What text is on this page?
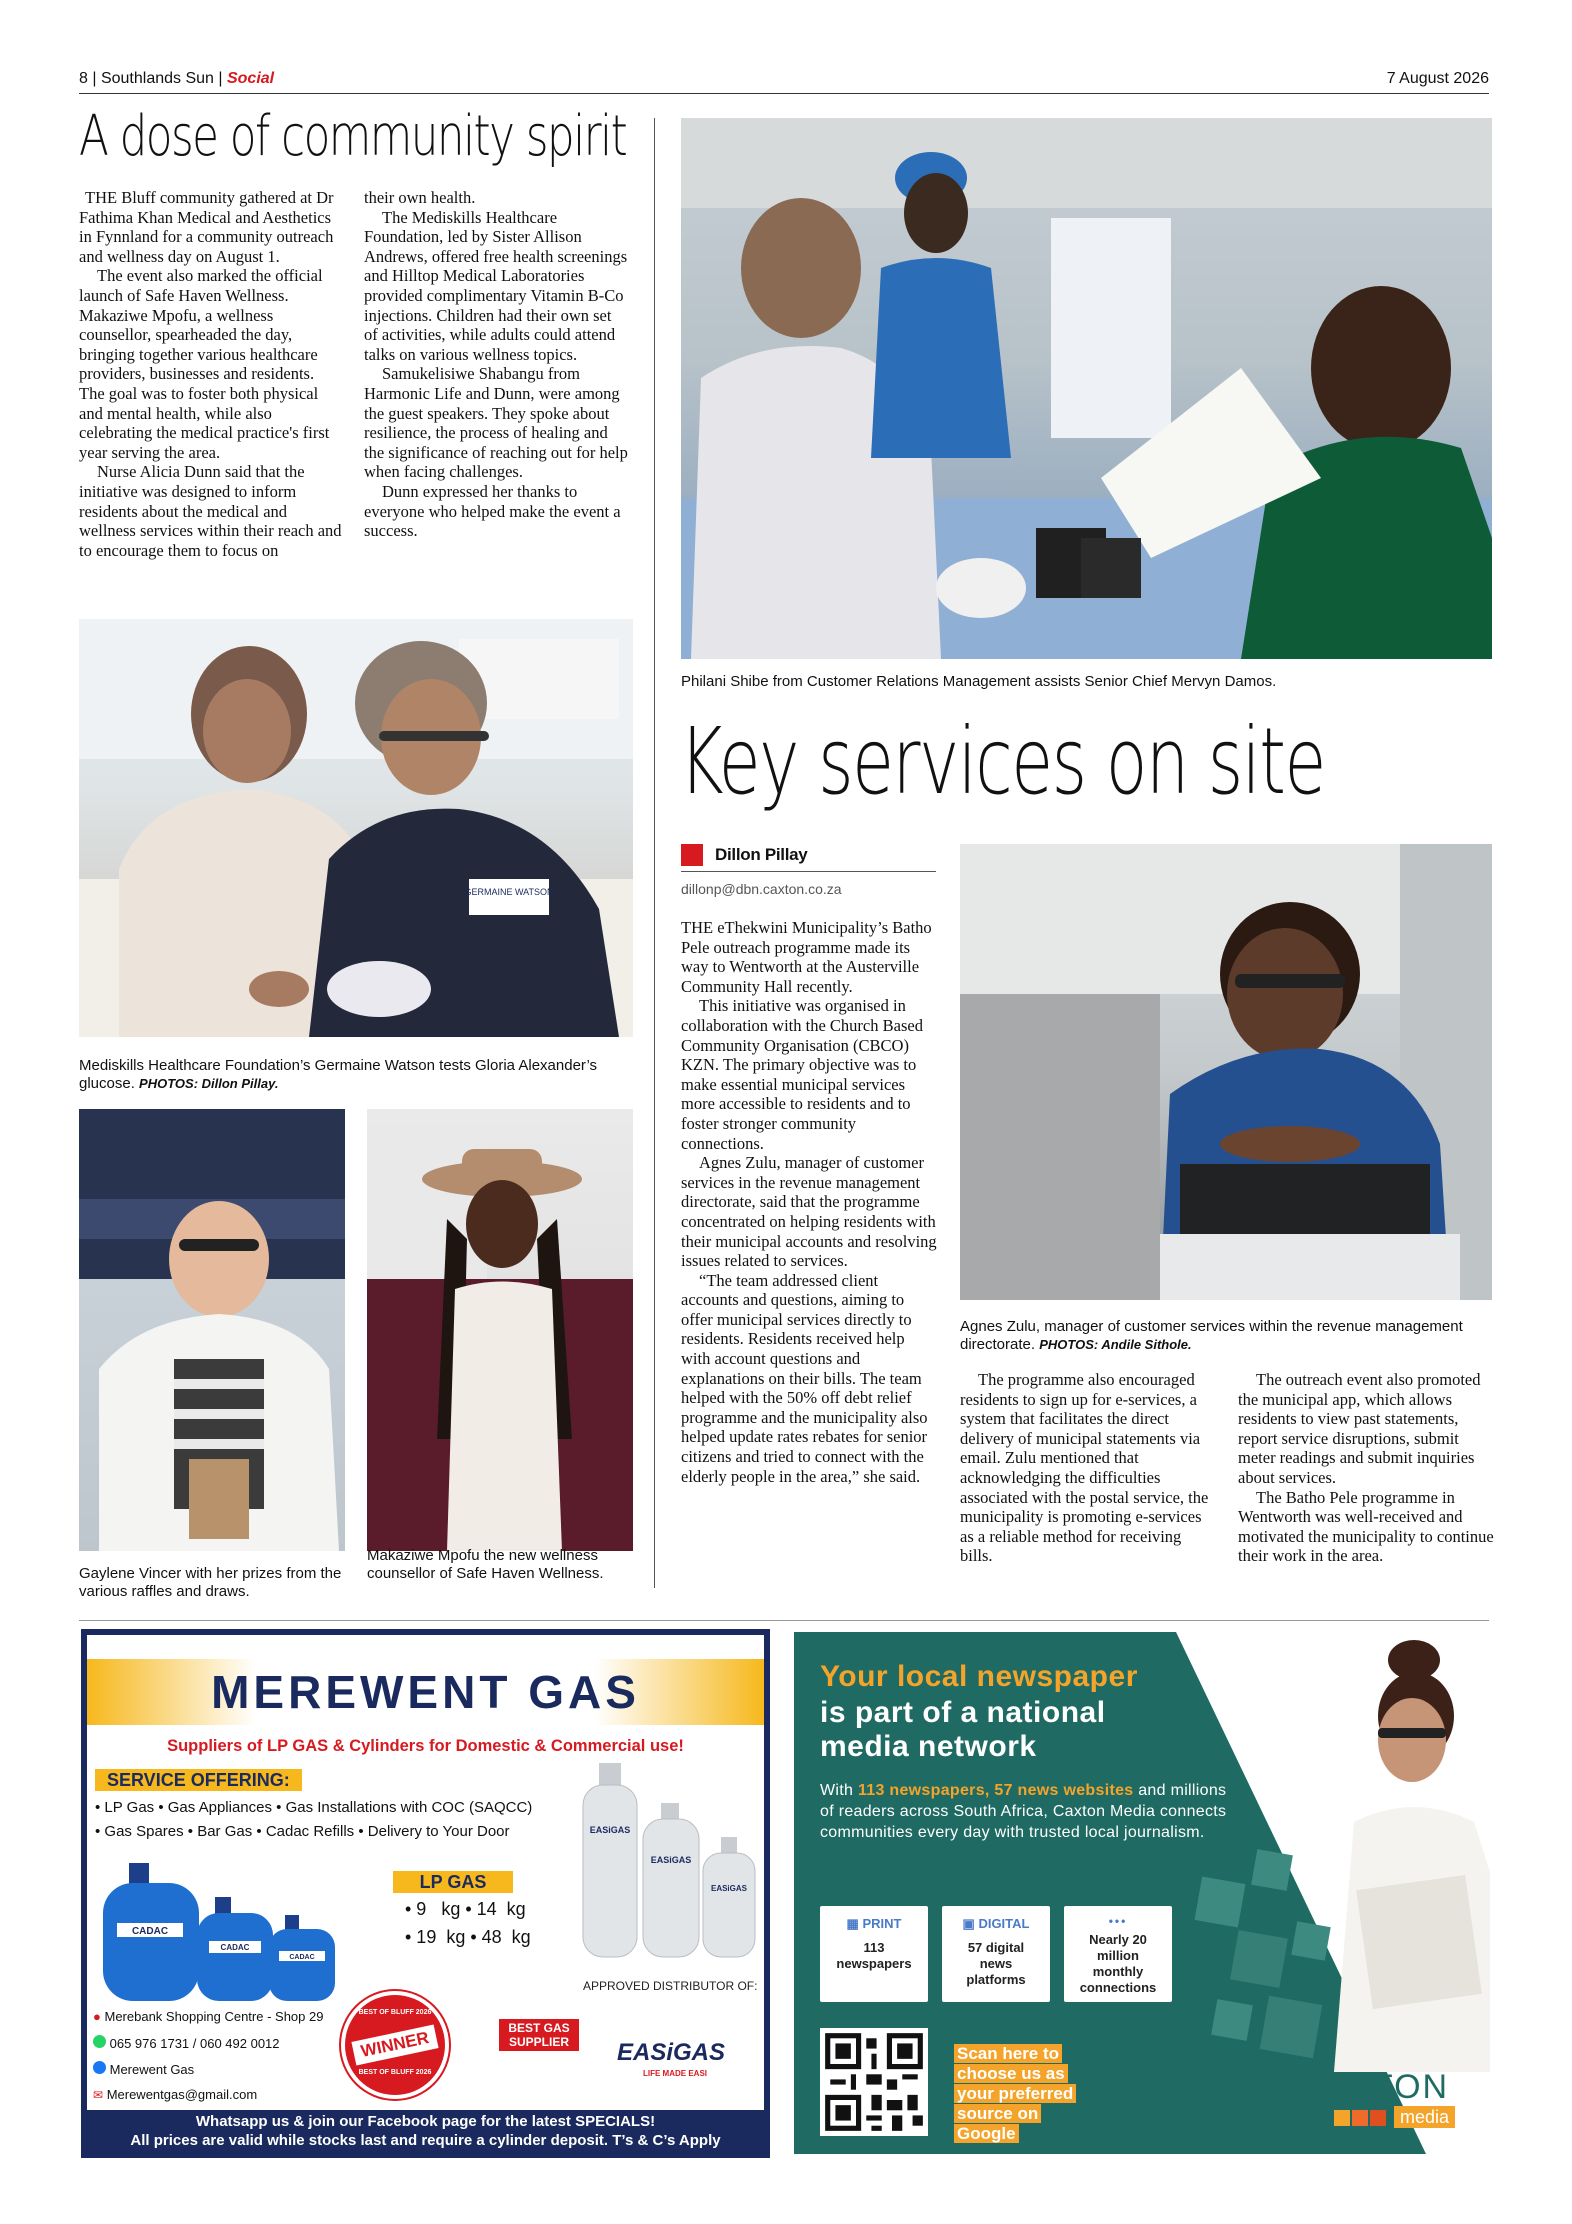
8 | Southlands Sun | Social	7 August 2026
A dose of community spirit

THE Bluff community gathered at Dr Fathima Khan Medical and Aesthetics in Fynnland for a community outreach and wellness day on August 1.

The event also marked the official launch of Safe Haven Wellness. Makaziwe Mpofu, a wellness counsellor, spearheaded the day, bringing together various healthcare providers, businesses and residents. The goal was to foster both physical and mental health, while also celebrating the medical practice's first year serving the area.

Nurse Alicia Dunn said that the initiative was designed to inform residents about the medical and wellness services within their reach and to encourage them to focus on

their own health.

The Mediskills Healthcare Foundation, led by Sister Allison Andrews, offered free health screenings and Hilltop Medical Laboratories provided complimentary Vitamin B-Co injections. Children had their own set of activities, while adults could attend talks on various wellness topics.

Samukelisiwe Shabangu from Harmonic Life and Dunn, were among the guest speakers. They spoke about resilience, the process of healing and the significance of reaching out for help when facing challenges.

Dunn expressed her thanks to everyone who helped make the event a success.

GERMAINE WATSON
Mediskills Healthcare Foundation’s Germaine Watson tests Gloria Alexander’s glucose. PHOTOS: Dillon Pillay.
Gaylene Vincer with her prizes from the various raffles and draws.
Makaziwe Mpofu the new wellness counsellor of Safe Haven Wellness.
Philani Shibe from Customer Relations Management assists Senior Chief Mervyn Damos.
Key services on site
Dillon Pillay
dillonp@dbn.caxton.co.za

THE eThekwini Municipality’s Batho Pele outreach programme made its way to Wentworth at the Austerville Community Hall recently.

This initiative was organised in collaboration with the Church Based Community Organisation (CBCO) KZN. The primary objective was to make essential municipal services more accessible to residents and to foster stronger community connections.

Agnes Zulu, manager of customer services in the revenue management directorate, said that the programme concentrated on helping residents with their municipal accounts and resolving issues related to services.

“The team addressed client accounts and questions, aiming to offer municipal services directly to residents. Residents received help with account questions and explanations on their bills. The team helped with the 50% off debt relief programme and the municipality also helped update rates rebates for senior citizens and tried to connect with the elderly people in the area,” she said.

Agnes Zulu, manager of customer services within the revenue management directorate. PHOTOS: Andile Sithole.

The programme also encouraged residents to sign up for e-services, a system that facilitates the direct delivery of municipal statements via email. Zulu mentioned that acknowledging the difficulties associated with the postal service, the municipality is promoting e-services as a reliable method for receiving bills.

The outreach event also promoted the municipal app, which allows residents to view past statements, report service disruptions, submit meter readings and submit inquiries about services.

The Batho Pele programme in Wentworth was well-received and motivated the municipality to continue their work in the area.

MEREWENT GAS
Suppliers of LP GAS & Cylinders for Domestic & Commercial use!
SERVICE OFFERING:
• LP Gas • Gas Appliances • Gas Installations with COC (SAQCC)
• Gas Spares • Bar Gas • Cadac Refills • Delivery to Your Door
CADAC
CADAC
CADAC
LP GAS
• 9   kg • 14  kg
• 19  kg • 48  kg
EASiGAS
EASiGAS
EASiGAS
APPROVED DISTRIBUTOR OF:
● Merebank Shopping Centre - Shop 29
065 976 1731 / 060 492 0012
Merewent Gas
✉ Merewentgas@gmail.com
BEST OF BLUFF 2026
WINNER
BEST OF BLUFF 2026
BEST GAS SUPPLIER	EASiGAS
LIFE MADE EASI
Whatsapp us & join our Facebook page for the latest SPECIALS!
All prices are valid while stocks last and require a cylinder deposit. T’s & C’s Apply
Your local newspaper
is part of a national media network
With 113 newspapers, 57 news websites and millions of readers across South Africa, Caxton Media connects communities every day with trusted local journalism.
▦ PRINT
113 newspapers
▣ DIGITAL
57 digital news platforms
•••
Nearly 20 million monthly connections
Scan here to choose us as your preferred source on Google
CAXTON
media
